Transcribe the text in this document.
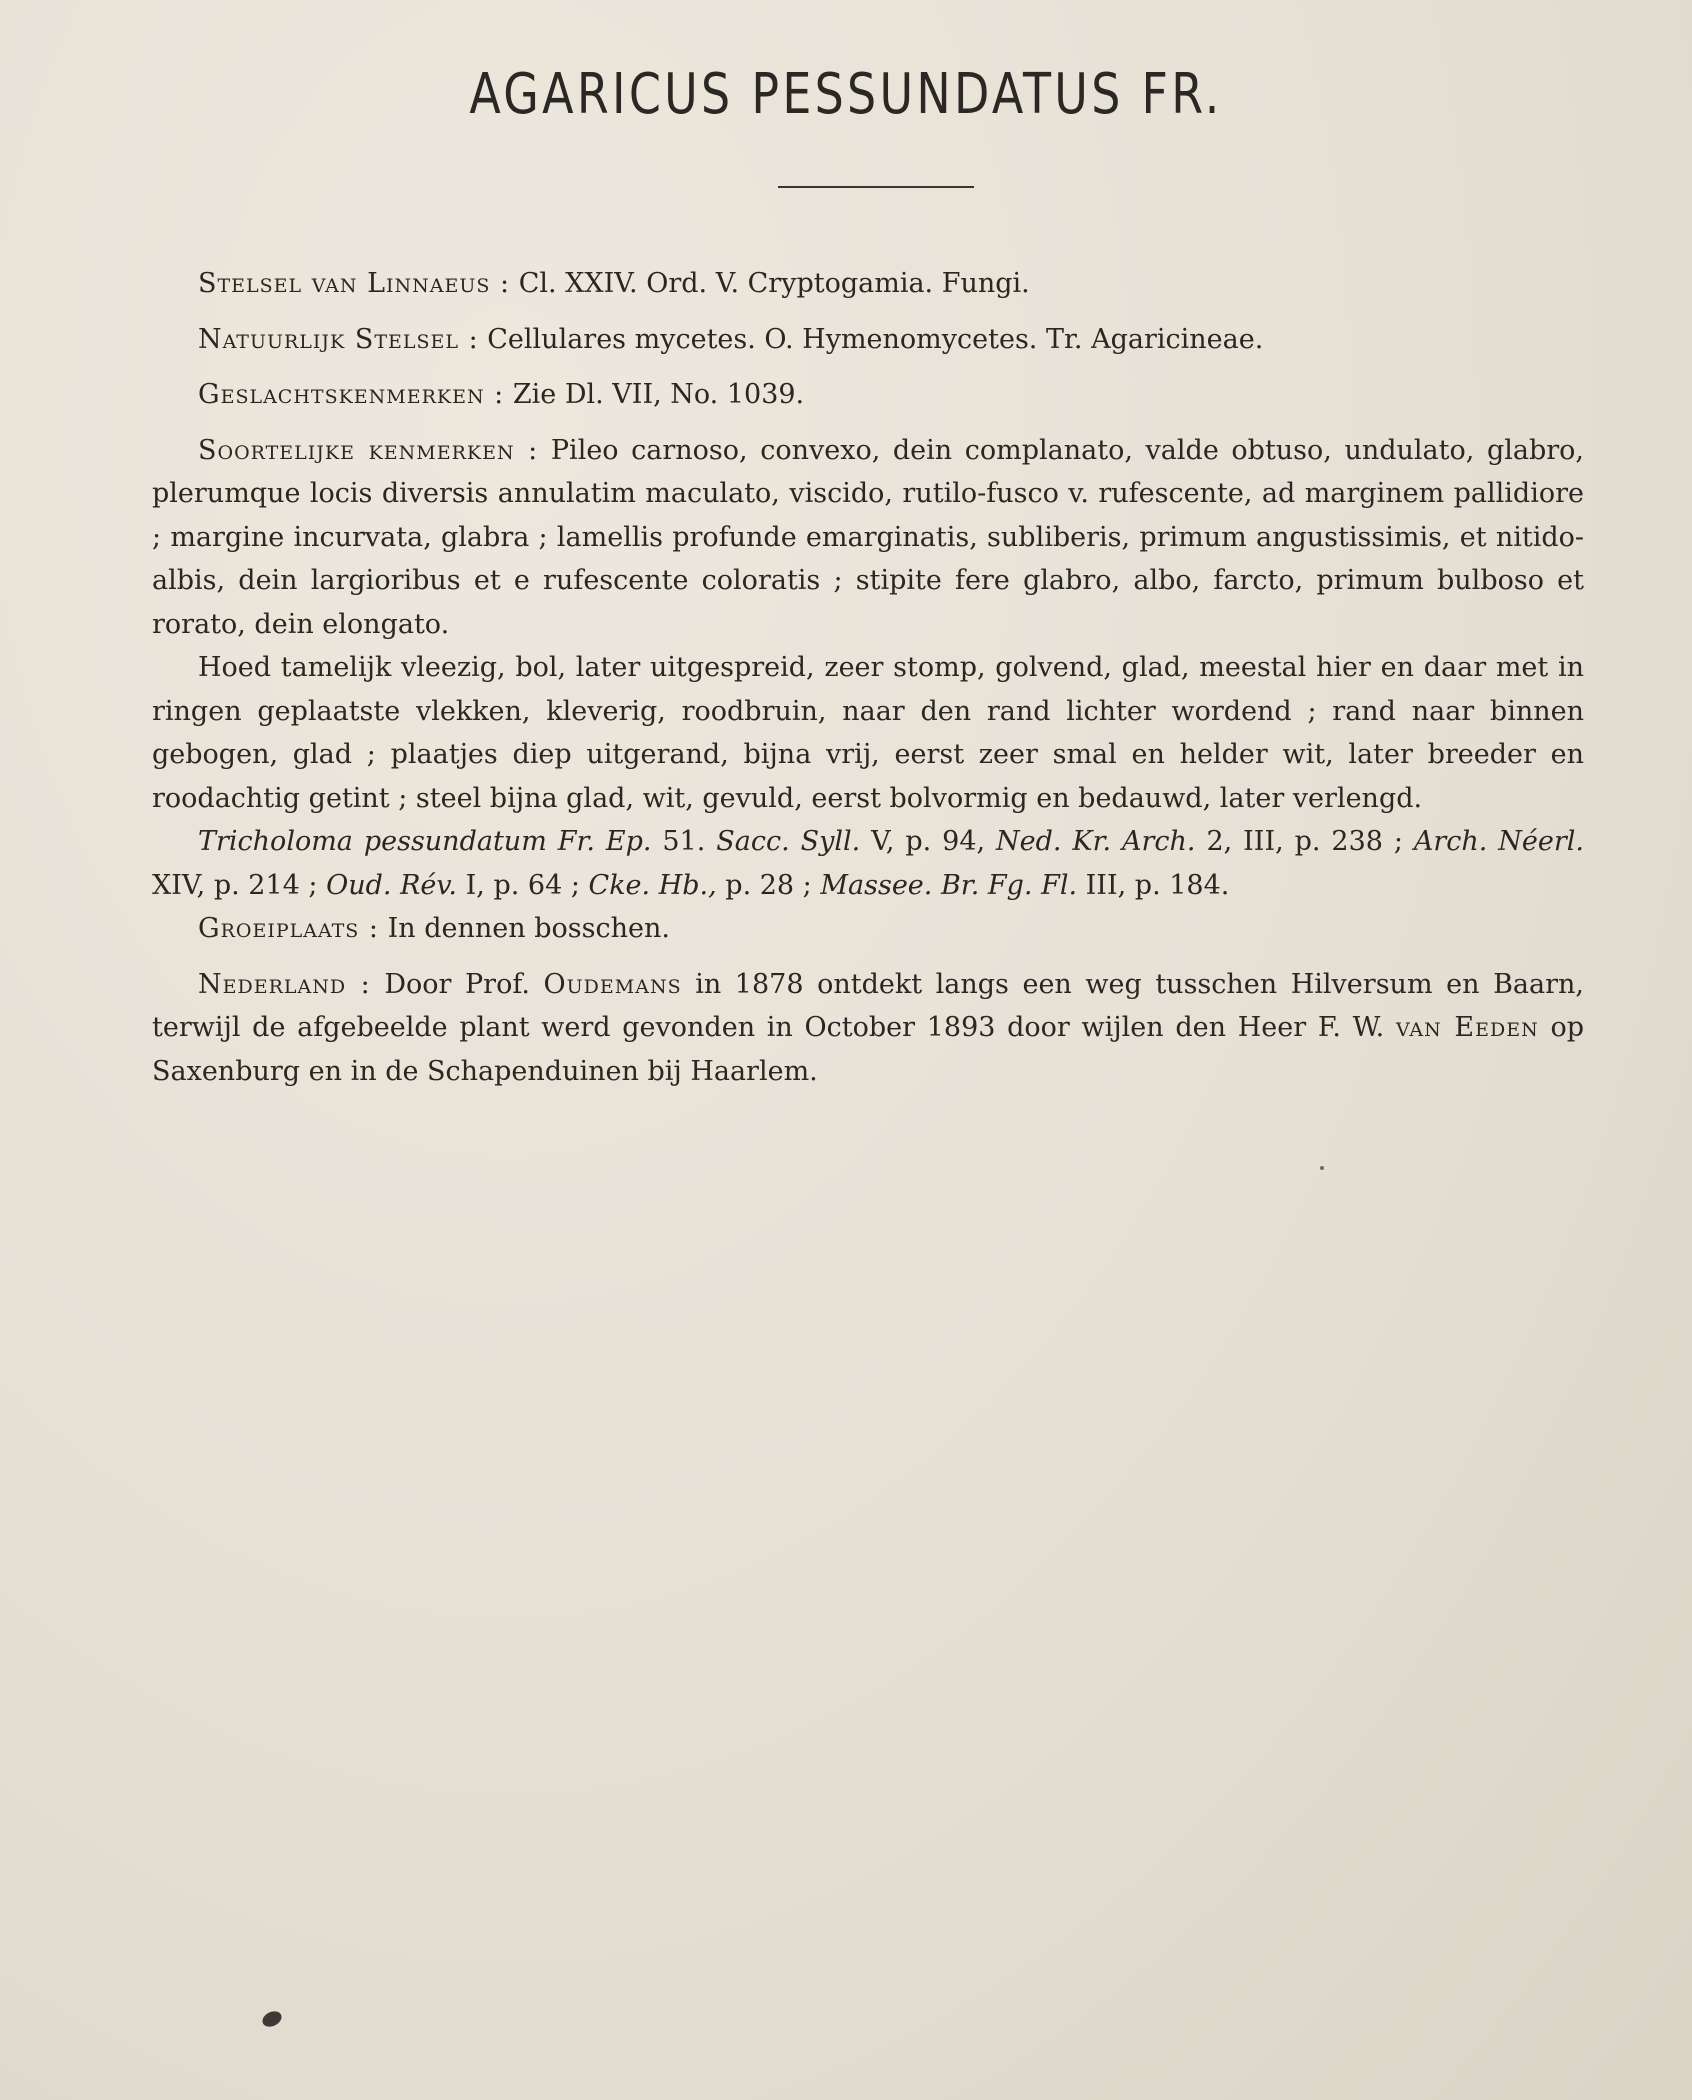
AGARICUS PESSUNDATUS FR.

Stelsel van Linnaeus : Cl. XXIV. Ord. V. Cryptogamia. Fungi.

Natuurlijk Stelsel : Cellulares mycetes. O. Hymenomycetes. Tr. Agaricineae.

Geslachtskenmerken : Zie Dl. VII, No. 1039.

Soortelijke kenmerken : Pileo carnoso, convexo, dein complanato, valde obtuso, undulato, glabro, plerumque locis diversis annulatim maculato, viscido, rutilo-fusco v. rufescente, ad marginem pallidiore ; margine incurvata, glabra ; lamellis profunde emarginatis, subliberis, primum angustissimis, et nitido-albis, dein largioribus et e rufescente coloratis ; stipite fere glabro, albo, farcto, primum bulboso et rorato, dein elongato.

Hoed tamelijk vleezig, bol, later uitgespreid, zeer stomp, golvend, glad, meestal hier en daar met in ringen geplaatste vlekken, kleverig, roodbruin, naar den rand lichter wordend ; rand naar binnen gebogen, glad ; plaatjes diep uitgerand, bijna vrij, eerst zeer smal en helder wit, later breeder en roodachtig getint ; steel bijna glad, wit, gevuld, eerst bolvormig en bedauwd, later verlengd.

Tricholoma pessundatum Fr. Ep. 51. Sacc. Syll. V, p. 94, Ned. Kr. Arch. 2, III, p. 238 ; Arch. Néerl. XIV, p. 214 ; Oud. Rév. I, p. 64 ; Cke. Hb., p. 28 ; Massee. Br. Fg. Fl. III, p. 184.

Groeiplaats : In dennen bosschen.

Nederland : Door Prof. Oudemans in 1878 ontdekt langs een weg tusschen Hilversum en Baarn, terwijl de afgebeelde plant werd gevonden in October 1893 door wijlen den Heer F. W. van Eeden op Saxenburg en in de Schapenduinen bij Haarlem.
